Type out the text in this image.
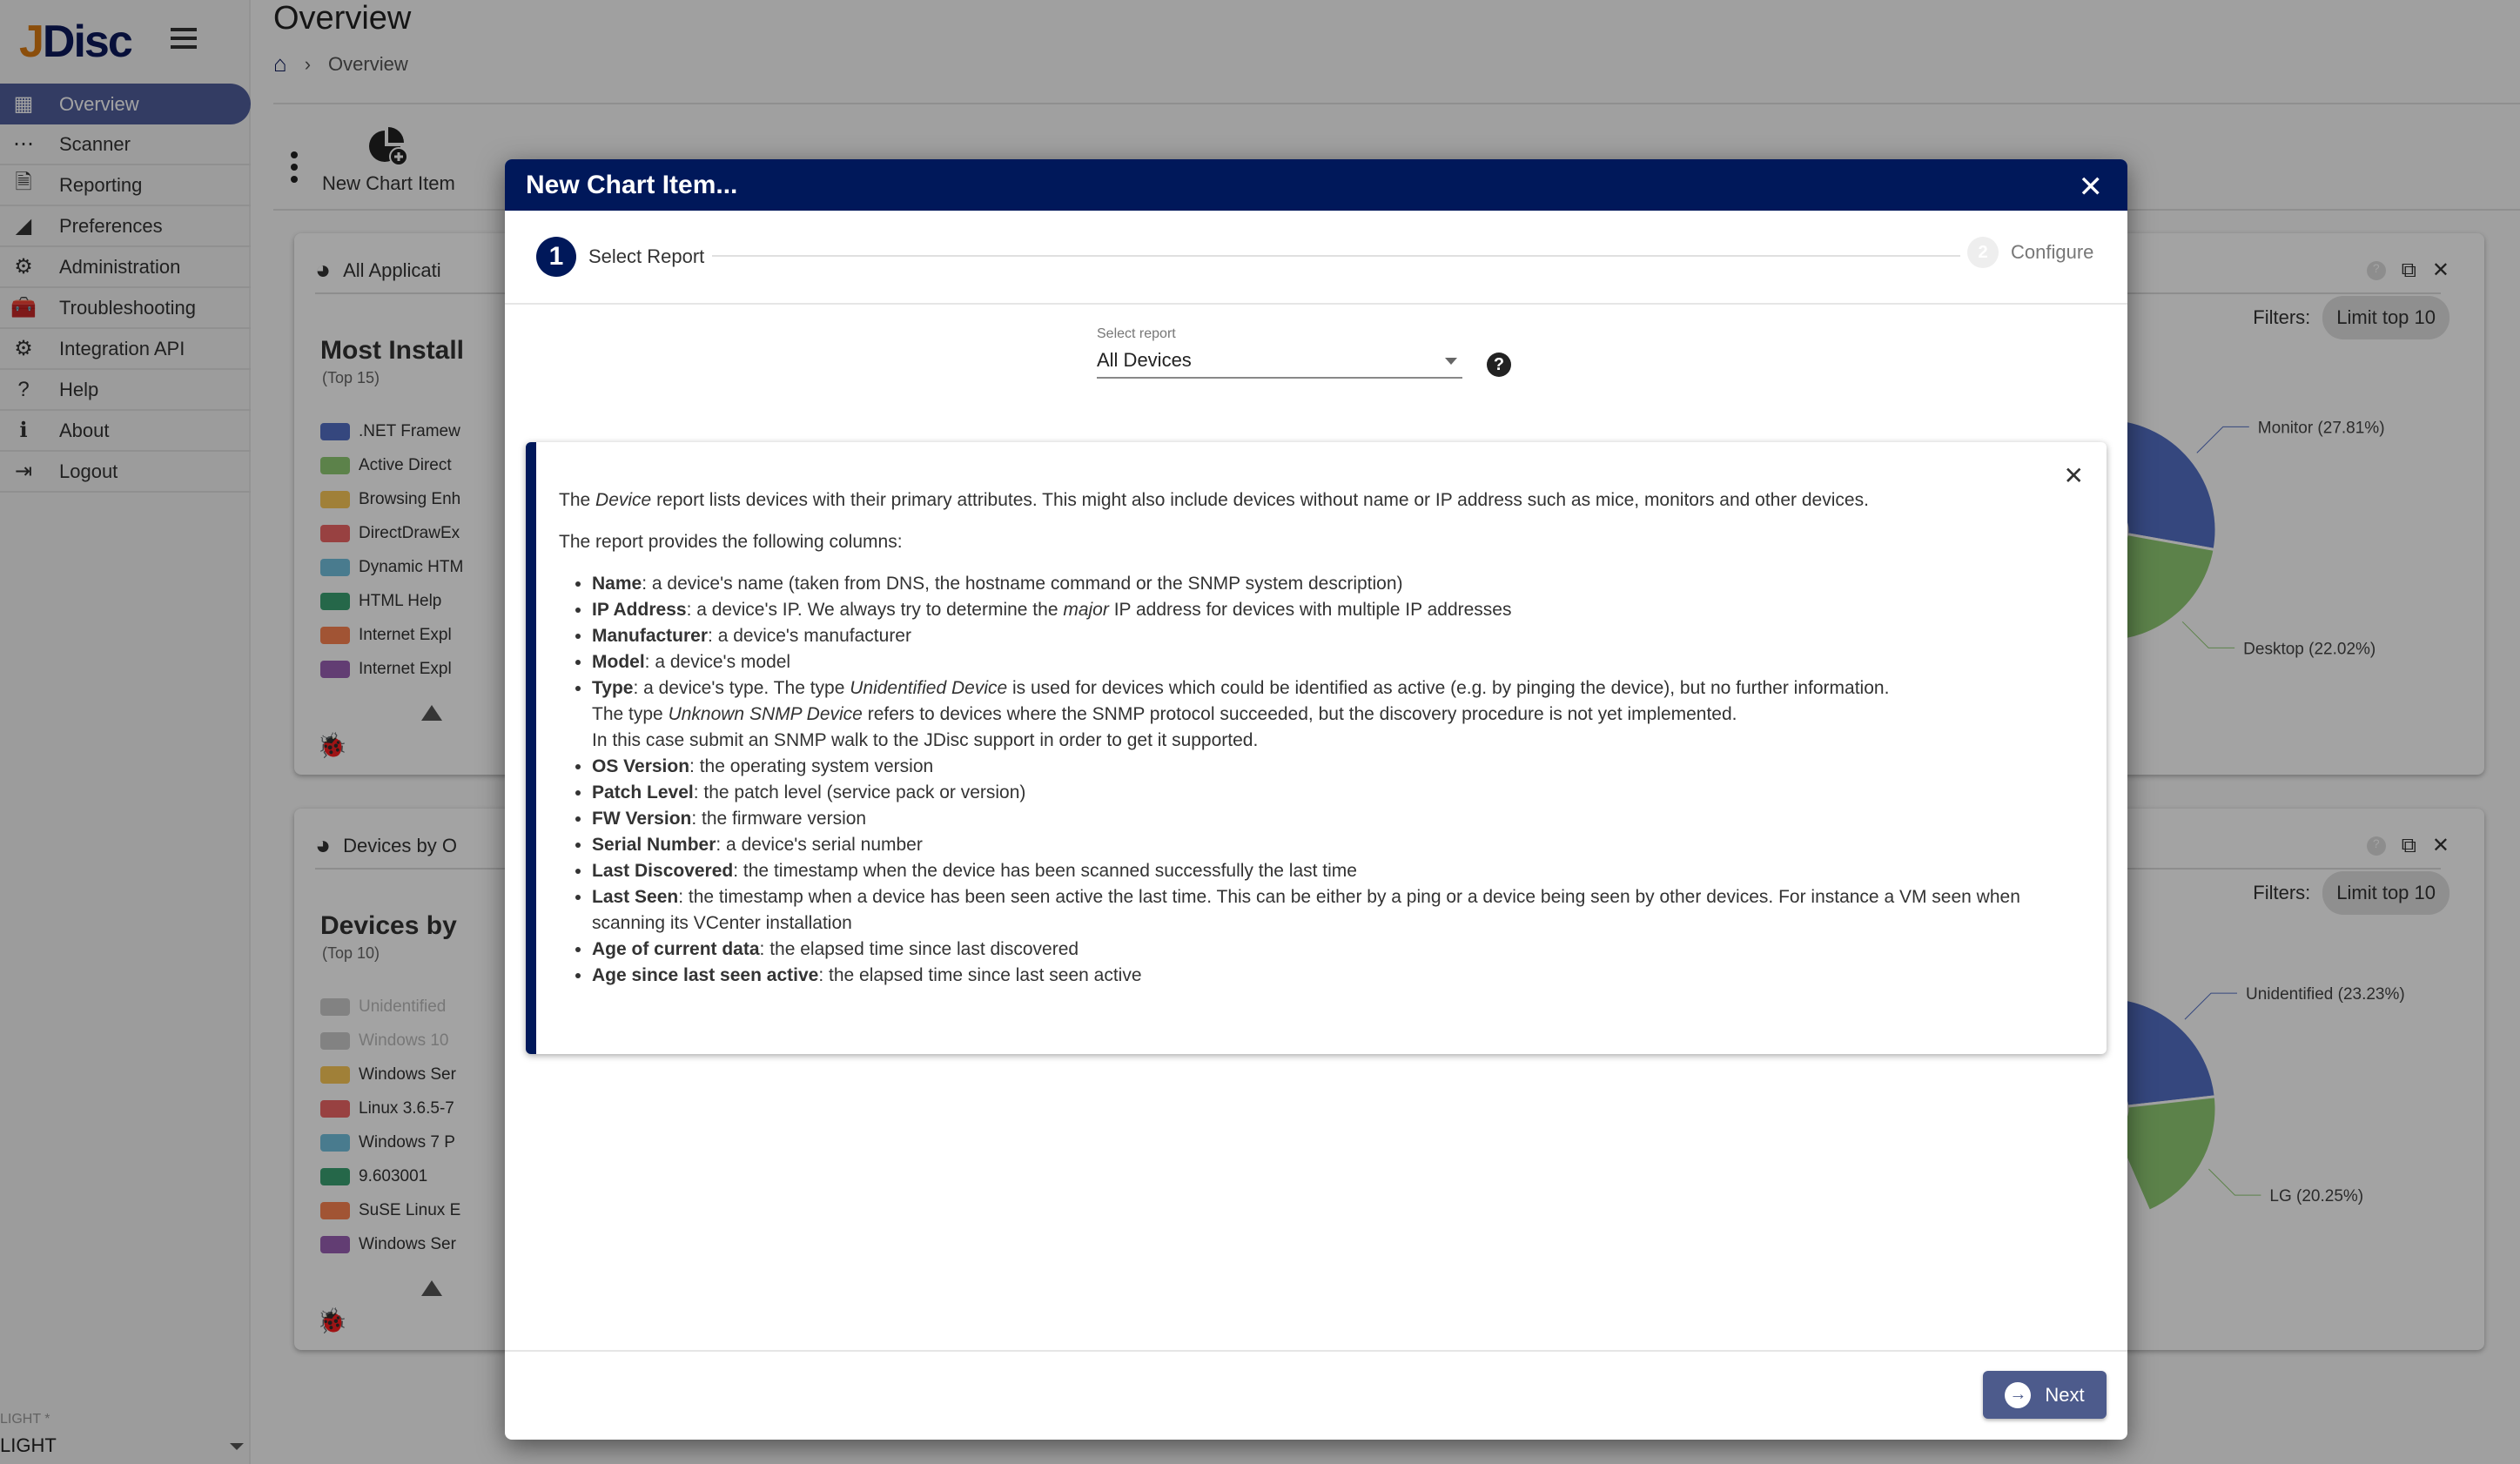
JDisc
▦ Overview
⋯ Scanner
🗎 Reporting
◢ Preferences
⚙ Administration
🧰 Troubleshooting
⚙ Integration API
?	Help
ℹ	About
⇥ Logout
LIGHT *
LIGHT
Overview
⌂ › Overview
New Chart Item
Monitor (27.81%)
Desktop (22.02%)
◕ All Applicati	? ⧉ ✕
Most Install
(Top 15)
.NET Framew
Active Direct
Browsing Enh
DirectDrawEx
Dynamic HTM
HTML Help
Internet Expl
Internet Expl
🐞
Filters:	Limit top 10
Unidentified (23.23%)
LG (20.25%)
◕ Devices by O	? ⧉ ✕
Devices by
(Top 10)
Unidentified
Windows 10
Windows Ser
Linux 3.6.5-7
Windows 7 P
9.603001
SuSE Linux E
Windows Ser
🐞
Filters:	Limit top 10
New Chart Item...	✕
1	Select Report	2	Configure
Select report
All Devices	?
✕

The Device report lists devices with their primary attributes. This might also include devices without name or IP address such as mice, monitors and other devices.

The report provides the following columns:

• Name: a device's name (taken from DNS, the hostname command or the SNMP system description)
• IP Address: a device's IP. We always try to determine the major IP address for devices with multiple IP addresses
• Manufacturer: a device's manufacturer
• Model: a device's model
• Type: a device's type. The type Unidentified Device is used for devices which could be identified as active (e.g. by pinging the device), but no further information.
The type Unknown SNMP Device refers to devices where the SNMP protocol succeeded, but the discovery procedure is not yet implemented.
In this case submit an SNMP walk to the JDisc support in order to get it supported.
• OS Version: the operating system version
• Patch Level: the patch level (service pack or version)
• FW Version: the firmware version
• Serial Number: a device's serial number
• Last Discovered: the timestamp when the device has been scanned successfully the last time
• Last Seen: the timestamp when a device has been seen active the last time. This can be either by a ping or a device being seen by other devices. For instance a VM seen when scanning its VCenter installation
• Age of current data: the elapsed time since last discovered
• Age since last seen active: the elapsed time since last seen active
→ Next
